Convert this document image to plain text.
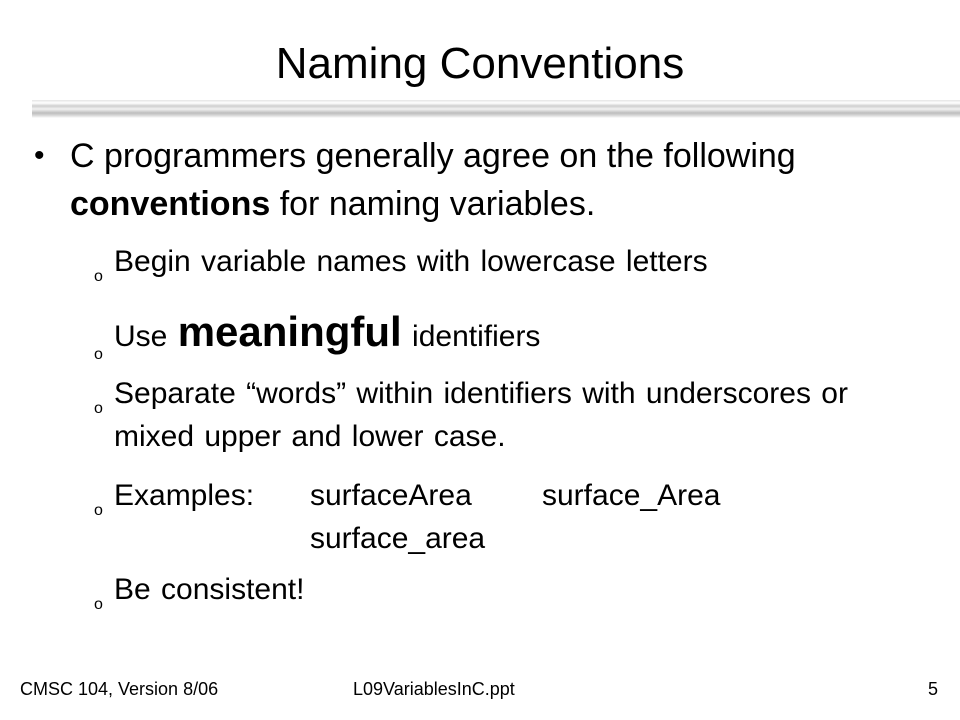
Naming Conventions
• C programmers generally agree on the following conventions for naming variables.
o Begin variable names with lowercase letters
o
Use meaningful identifiers
o Separate “words” within identifiers with underscores or mixed upper and lower case.
o Examples: surfaceArea surface_Area
surface_area
o Be consistent!
CMSC 104, Version 8/06	L09VariablesInC.ppt	5
